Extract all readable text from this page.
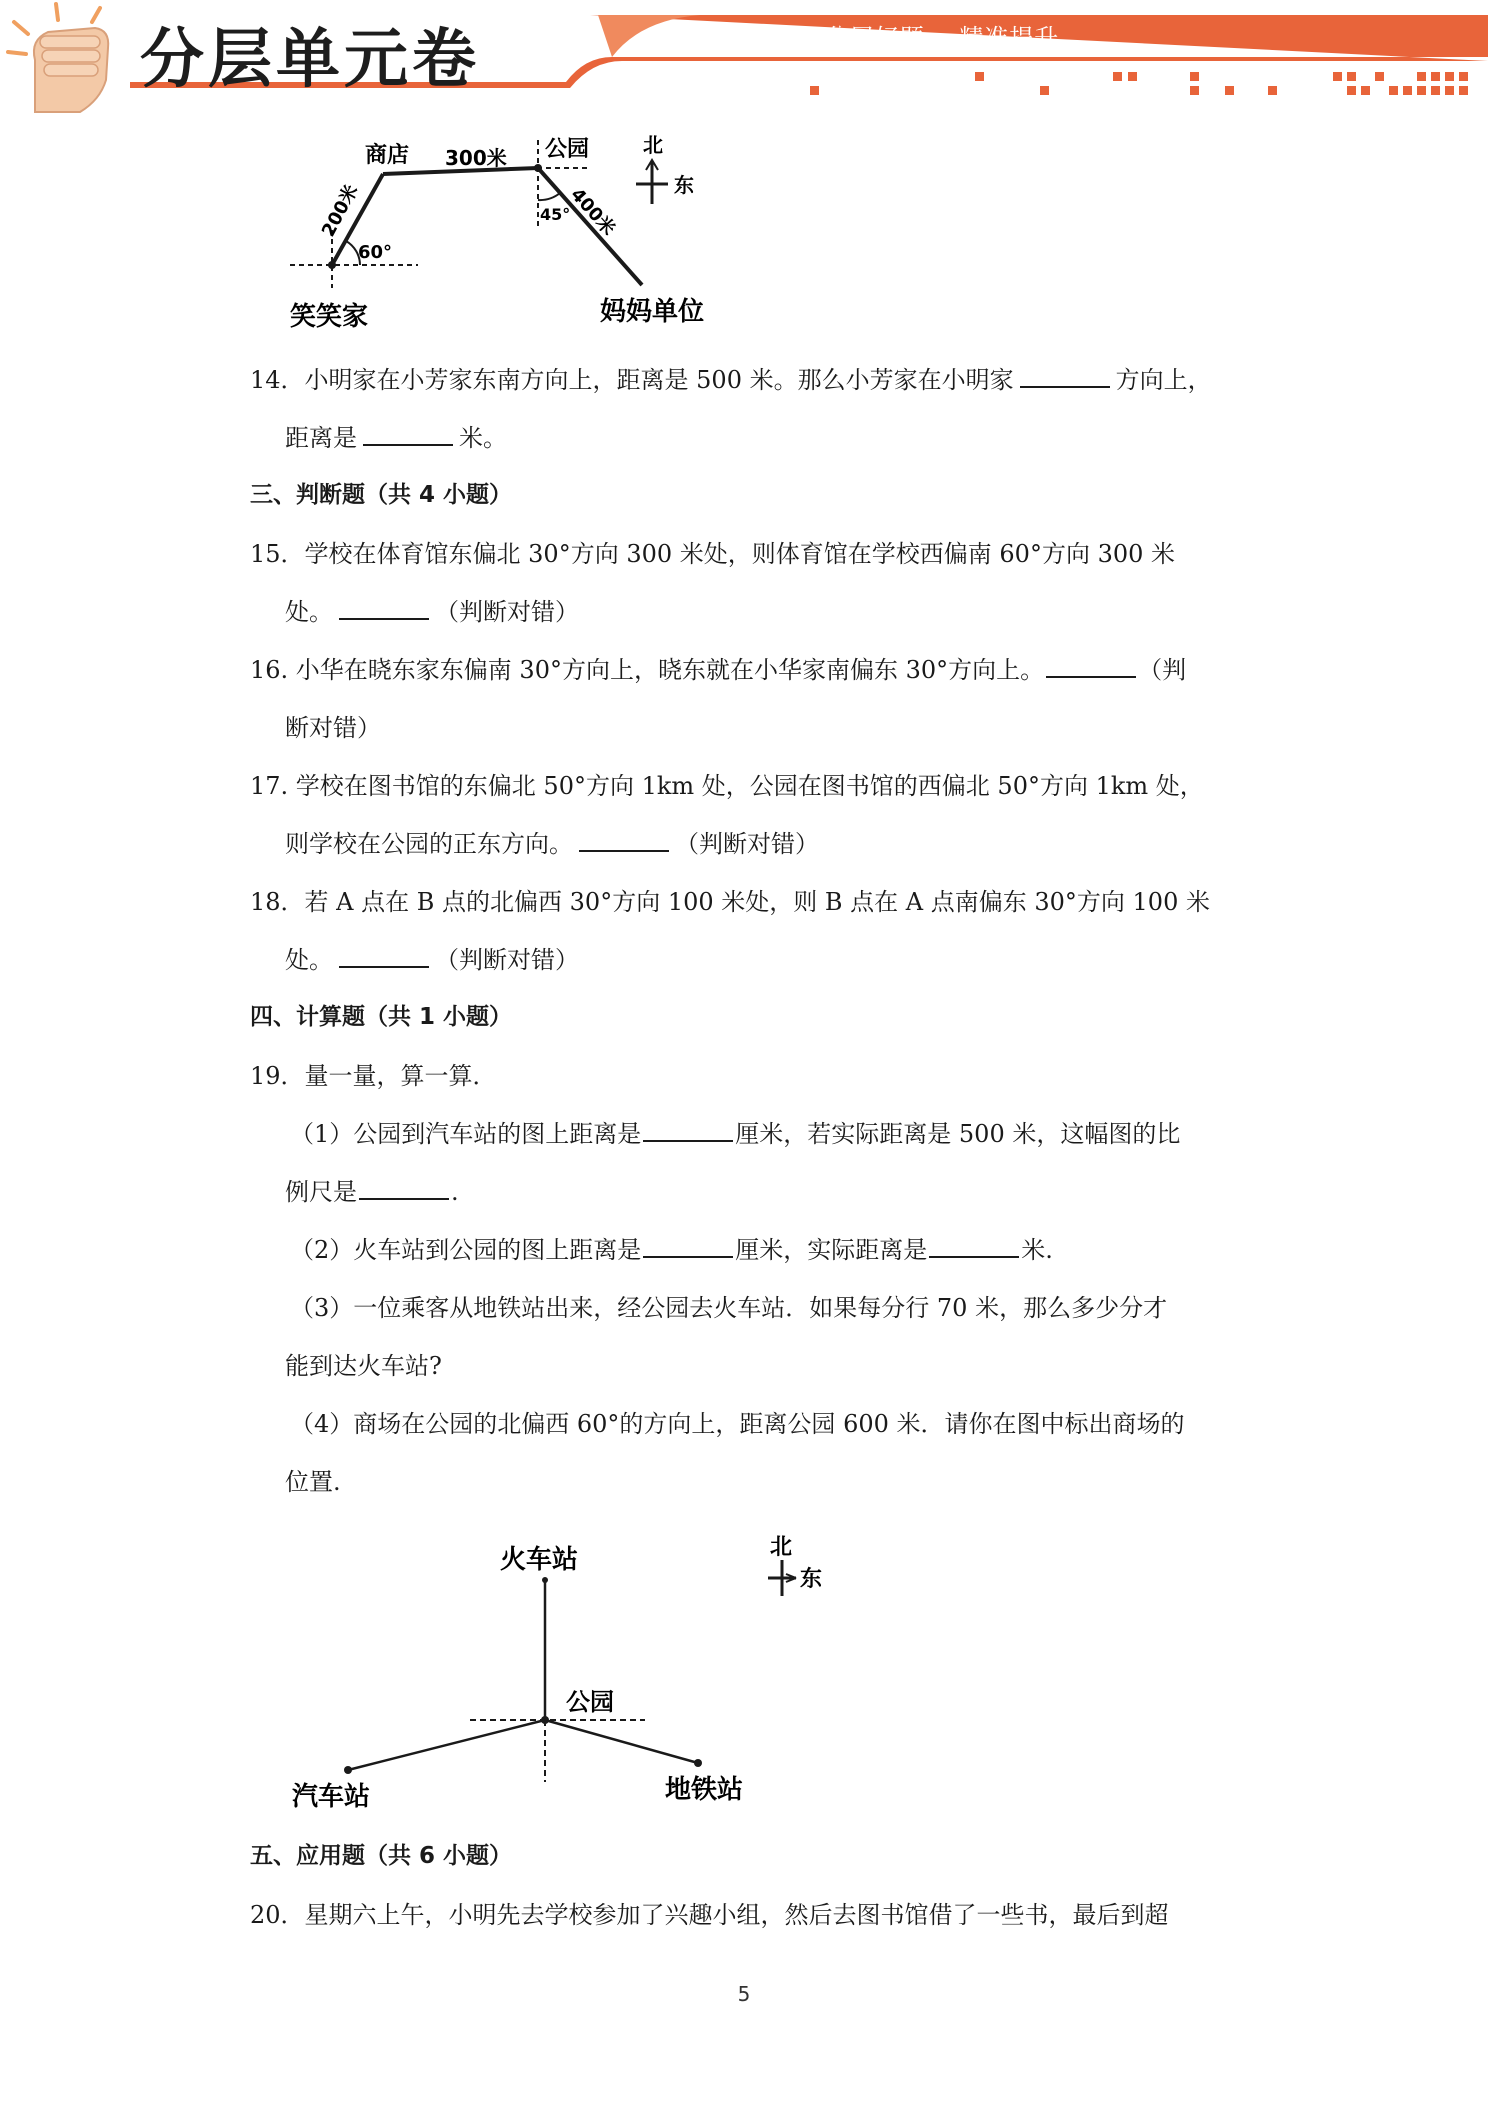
分层单元卷	名师伴学 分层好题 精准提升
商店	公园
笑笑家	妈妈单位
北
东
300米
200米	400米
60°
45°
14．小明家在小芳家东南方向上，距离是 500 米。那么小芳家在小明家	方向上，
距离是	米。
三、判断题（共 4 小题）
15．学校在体育馆东偏北 30°方向 300 米处，则体育馆在学校西偏南 60°方向 300 米
处。	（判断对错）
16. 小华在晓东家东偏南 30°方向上，晓东就在小华家南偏东 30°方向上。	（判
断对错）
17. 学校在图书馆的东偏北 50°方向 1km 处，公园在图书馆的西偏北 50°方向 1km 处，
则学校在公园的正东方向。	（判断对错）
18．若 A 点在 B 点的北偏西 30°方向 100 米处，则 B 点在 A 点南偏东 30°方向 100 米
处。	（判断对错）
四、计算题（共 1 小题）
19．量一量，算一算．
（1）公园到汽车站的图上距离是	厘米，若实际距离是 500 米，这幅图的比
例尺是	.
（2）火车站到公园的图上距离是	厘米，实际距离是	米.
（3）一位乘客从地铁站出来，经公园去火车站．如果每分行 70 米，那么多少分才
能到达火车站?
（4）商场在公园的北偏西 60°的方向上，距离公园 600 米．请你在图中标出商场的
位置.
五、应用题（共 6 小题）
20．星期六上午，小明先去学校参加了兴趣小组，然后去图书馆借了一些书，最后到超
火车站
公园
汽车站	地铁站
北
东
5
